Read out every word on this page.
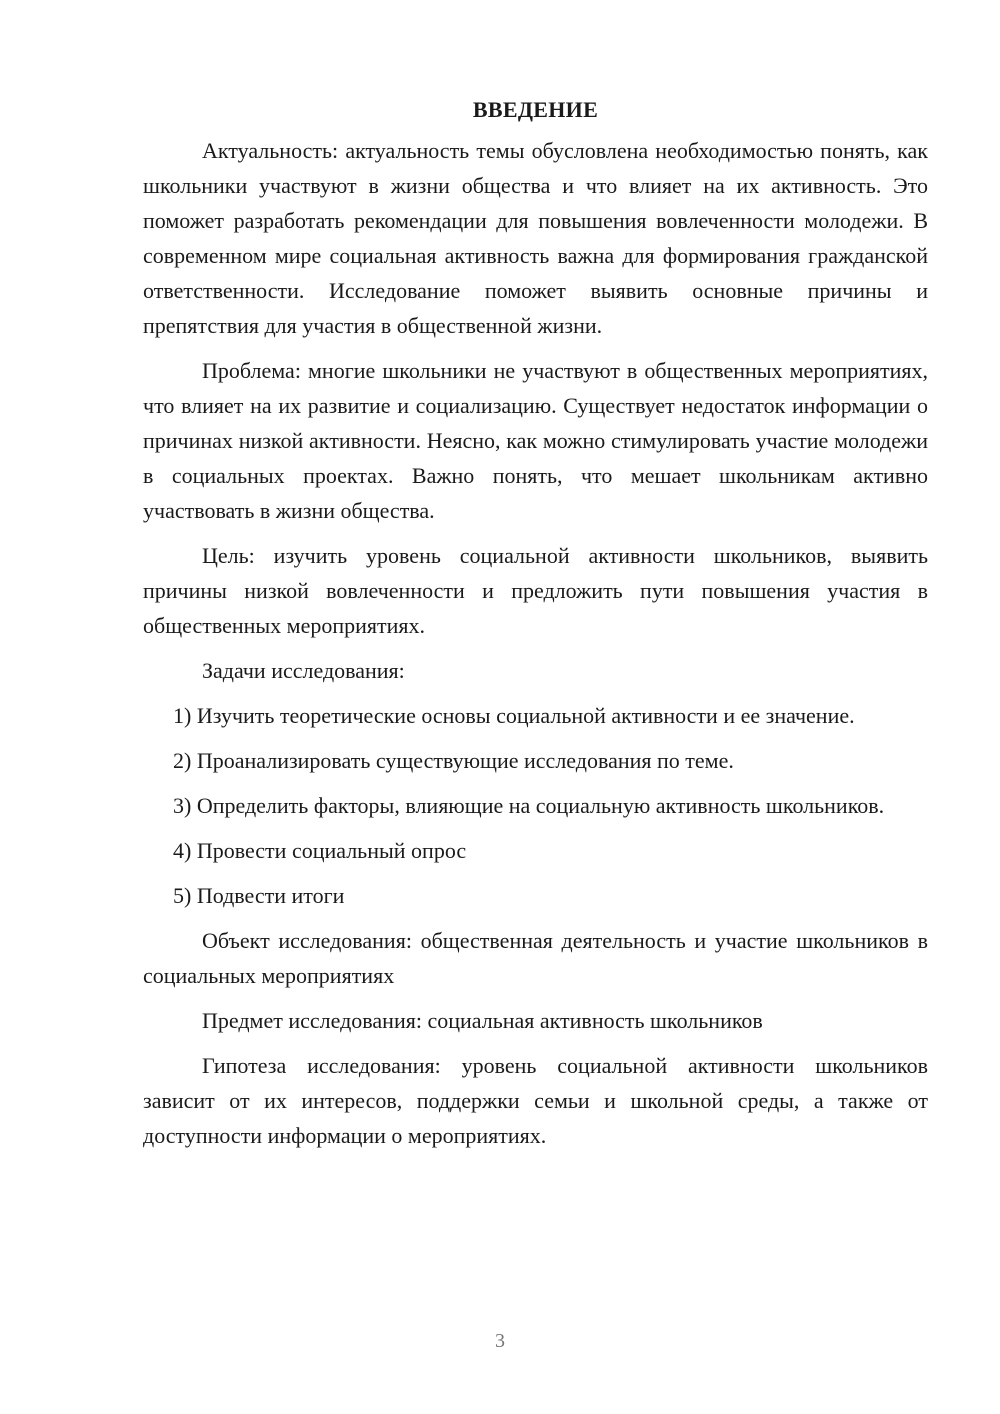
ВВЕДЕНИЕ

Актуальность: актуальность темы обусловлена необходимостью понять, как школьники участвуют в жизни общества и что влияет на их активность. Это поможет разработать рекомендации для повышения вовлеченности молодежи. В современном мире социальная активность важна для формирования гражданской ответственности. Исследование поможет выявить основные причины и препятствия для участия в общественной жизни.

Проблема: многие школьники не участвуют в общественных мероприятиях, что влияет на их развитие и социализацию. Существует недостаток информации о причинах низкой активности. Неясно, как можно стимулировать участие молодежи в социальных проектах. Важно понять, что мешает школьникам активно участвовать в жизни общества.

Цель: изучить уровень социальной активности школьников, выявить причины низкой вовлеченности и предложить пути повышения участия в общественных мероприятиях.

Задачи исследования:

1) Изучить теоретические основы социальной активности и ее значение.

2) Проанализировать существующие исследования по теме.

3) Определить факторы, влияющие на социальную активность школьников.

4) Провести социальный опрос

5) Подвести итоги

Объект исследования: общественная деятельность и участие школьников в социальных мероприятиях

Предмет исследования: социальная активность школьников

Гипотеза исследования: уровень социальной активности школьников зависит от их интересов, поддержки семьи и школьной среды, а также от доступности информации о мероприятиях.

3
